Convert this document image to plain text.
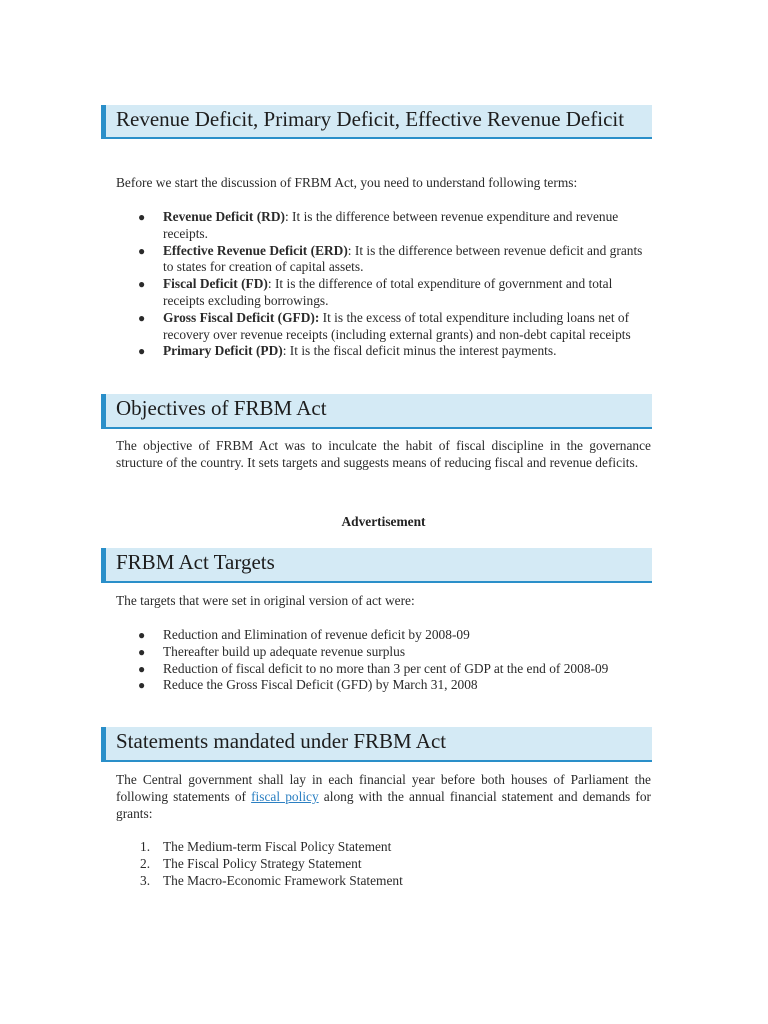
Revenue Deficit, Primary Deficit, Effective Revenue Deficit

Before we start the discussion of FRBM Act, you need to understand following terms:

● Revenue Deficit (RD): It is the difference between revenue expenditure and revenue receipts.
● Effective Revenue Deficit (ERD): It is the difference between revenue deficit and grants to states for creation of capital assets.
● Fiscal Deficit (FD): It is the difference of total expenditure of government and total receipts excluding borrowings.
● Gross Fiscal Deficit (GFD): It is the excess of total expenditure including loans net of recovery over revenue receipts (including external grants) and non-debt capital receipts
● Primary Deficit (PD): It is the fiscal deficit minus the interest payments.
Objectives of FRBM Act

The objective of FRBM Act was to inculcate the habit of fiscal discipline in the governance structure of the country. It sets targets and suggests means of reducing fiscal and revenue deficits.

Advertisement
FRBM Act Targets

The targets that were set in original version of act were:

● Reduction and Elimination of revenue deficit by 2008-09
● Thereafter build up adequate revenue surplus
● Reduction of fiscal deficit to no more than 3 per cent of GDP at the end of 2008-09
● Reduce the Gross Fiscal Deficit (GFD) by March 31, 2008
Statements mandated under FRBM Act

The Central government shall lay in each financial year before both houses of Parliament the following statements of fiscal policy along with the annual financial statement and demands for grants:

1. The Medium-term Fiscal Policy Statement
2. The Fiscal Policy Strategy Statement
3. The Macro-Economic Framework Statement
